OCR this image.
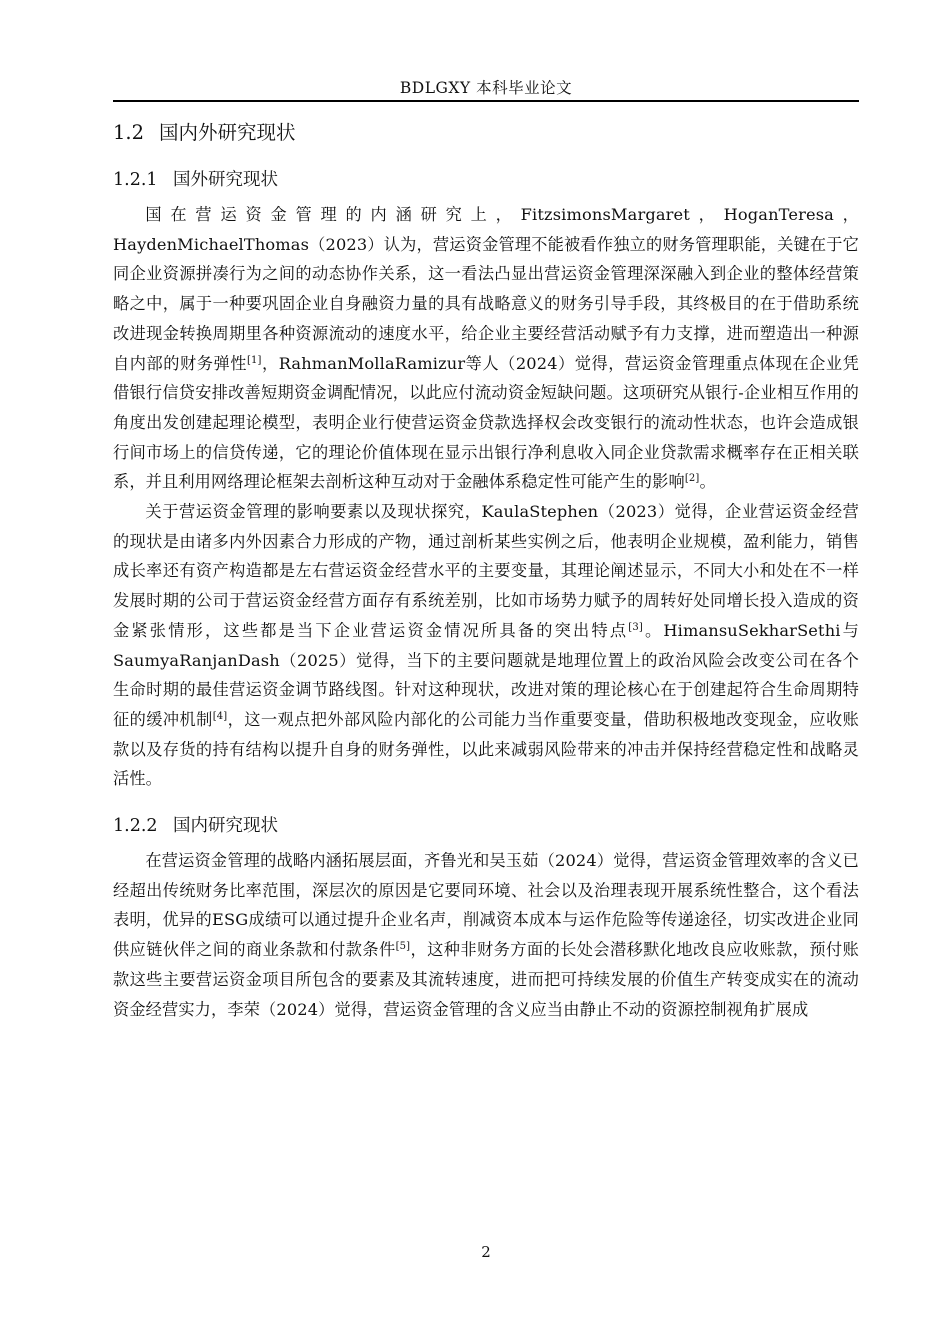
BDLGXY 本科毕业论文
1.2 国内外研究现状
1.2.1 国外研究现状

国在营运资金管理的内涵研究上，FitzsimonsMargaret，HoganTeresa，HaydenMichaelThomas（2023）认为，营运资金管理不能被看作独立的财务管理职能，关键在于它同企业资源拼凑行为之间的动态协作关系，这一看法凸显出营运资金管理深深融入到企业的整体经营策略之中，属于一种要巩固企业自身融资力量的具有战略意义的财务引导手段，其终极目的在于借助系统改进现金转换周期里各种资源流动的速度水平，给企业主要经营活动赋予有力支撑，进而塑造出一种源自内部的财务弹性[1]，RahmanMollaRamizur等人（2024）觉得，营运资金管理重点体现在企业凭借银行信贷安排改善短期资金调配情况，以此应付流动资金短缺问题。这项研究从银行-企业相互作用的角度出发创建起理论模型，表明企业行使营运资金贷款选择权会改变银行的流动性状态，也许会造成银行间市场上的信贷传递，它的理论价值体现在显示出银行净利息收入同企业贷款需求概率存在正相关联系，并且利用网络理论框架去剖析这种互动对于金融体系稳定性可能产生的影响[2]。

关于营运资金管理的影响要素以及现状探究，KaulaStephen（2023）觉得，企业营运资金经营的现状是由诸多内外因素合力形成的产物，通过剖析某些实例之后，他表明企业规模，盈利能力，销售成长率还有资产构造都是左右营运资金经营水平的主要变量，其理论阐述显示，不同大小和处在不一样发展时期的公司于营运资金经营方面存有系统差别，比如市场势力赋予的周转好处同增长投入造成的资金紧张情形，这些都是当下企业营运资金情况所具备的突出特点[3]。HimansuSekharSethi与SaumyaRanjanDash（2025）觉得，当下的主要问题就是地理位置上的政治风险会改变公司在各个生命时期的最佳营运资金调节路线图。针对这种现状，改进对策的理论核心在于创建起符合生命周期特征的缓冲机制[4]，这一观点把外部风险内部化的公司能力当作重要变量，借助积极地改变现金，应收账款以及存货的持有结构以提升自身的财务弹性，以此来减弱风险带来的冲击并保持经营稳定性和战略灵活性。

1.2.2 国内研究现状

在营运资金管理的战略内涵拓展层面，齐鲁光和吴玉茹（2024）觉得，营运资金管理效率的含义已经超出传统财务比率范围，深层次的原因是它要同环境、社会以及治理表现开展系统性整合，这个看法表明，优异的ESG成绩可以通过提升企业名声，削减资本成本与运作危险等传递途径，切实改进企业同供应链伙伴之间的商业条款和付款条件[5]，这种非财务方面的长处会潜移默化地改良应收账款，预付账款这些主要营运资金项目所包含的要素及其流转速度，进而把可持续发展的价值生产转变成实在的流动资金经营实力，李荣（2024）觉得，营运资金管理的含义应当由静止不动的资源控制视角扩展成

2
